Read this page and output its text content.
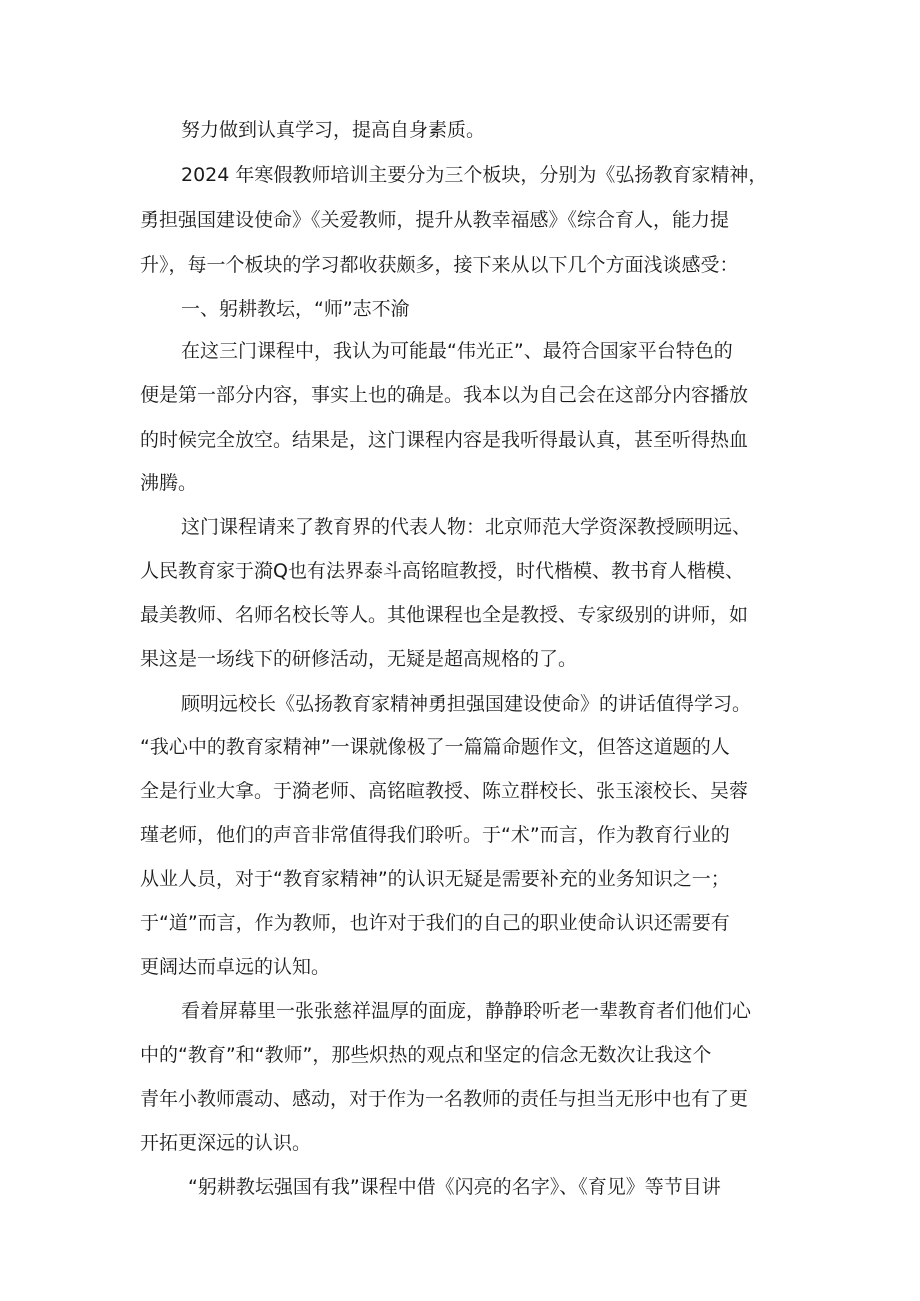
努力做到认真学习，提高自身素质。
2024 年寒假教师培训主要分为三个板块，分别为《弘扬教育家精神，
勇担强国建设使命》《关爱教师，提升从教幸福感》《综合育人，能力提
升》，每一个板块的学习都收获颇多，接下来从以下几个方面浅谈感受：
一、躬耕教坛，“师”志不渝
在这三门课程中，我认为可能最“伟光正”、最符合国家平台特色的
便是第一部分内容，事实上也的确是。我本以为自己会在这部分内容播放
的时候完全放空。结果是，这门课程内容是我听得最认真，甚至听得热血
沸腾。
这门课程请来了教育界的代表人物：北京师范大学资深教授顾明远、
人民教育家于漪Q也有法界泰斗高铭暄教授，时代楷模、教书育人楷模、
最美教师、名师名校长等人。其他课程也全是教授、专家级别的讲师，如
果这是一场线下的研修活动，无疑是超高规格的了。
顾明远校长《弘扬教育家精神勇担强国建设使命》的讲话值得学习。
“我心中的教育家精神”一课就像极了一篇篇命题作文，但答这道题的人
全是行业大拿。于漪老师、高铭暄教授、陈立群校长、张玉滚校长、吴蓉
瑾老师，他们的声音非常值得我们聆听。于“术”而言，作为教育行业的
从业人员，对于“教育家精神”的认识无疑是需要补充的业务知识之一；
于“道”而言，作为教师，也许对于我们的自己的职业使命认识还需要有
更阔达而卓远的认知。
看着屏幕里一张张慈祥温厚的面庞，静静聆听老一辈教育者们他们心
中的“教育”和“教师”，那些炽热的观点和坚定的信念无数次让我这个
青年小教师震动、感动，对于作为一名教师的责任与担当无形中也有了更
开拓更深远的认识。
“躬耕教坛强国有我”课程中借《闪亮的名字》、《育见》等节目讲
